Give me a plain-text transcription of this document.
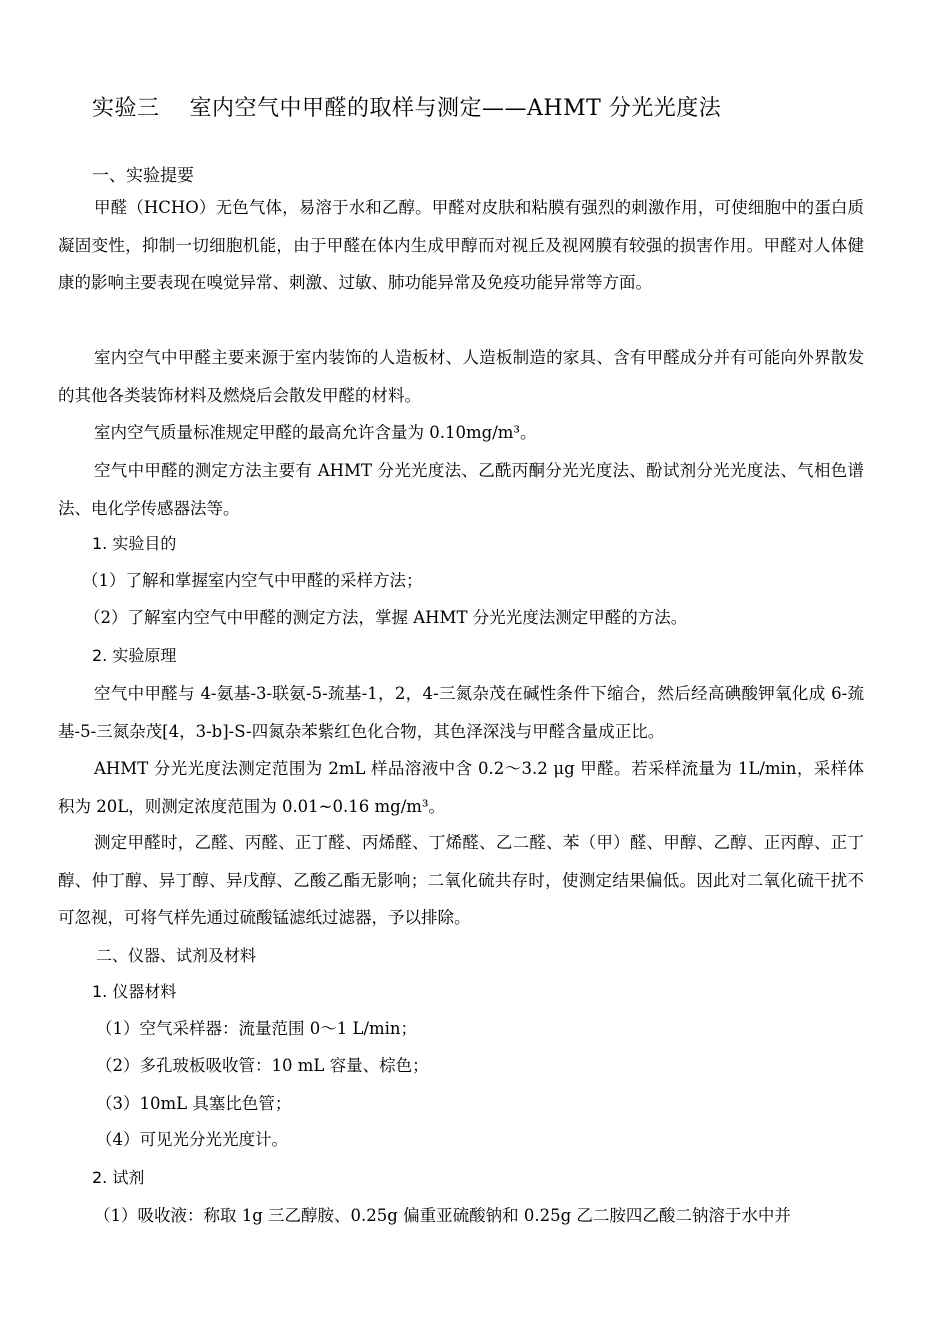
实验三 室内空气中甲醛的取样与测定——AHMT 分光光度法
一、实验提要
甲醛（HCHO）无色气体，易溶于水和乙醇。甲醛对皮肤和粘膜有强烈的刺激作用，可使细胞中的蛋白质凝固变性，抑制一切细胞机能，由于甲醛在体内生成甲醇而对视丘及视网膜有较强的损害作用。甲醛对人体健康的影响主要表现在嗅觉异常、刺激、过敏、肺功能异常及免疫功能异常等方面。
室内空气中甲醛主要来源于室内装饰的人造板材、人造板制造的家具、含有甲醛成分并有可能向外界散发的其他各类装饰材料及燃烧后会散发甲醛的材料。
室内空气质量标准规定甲醛的最高允许含量为 0.10mg/m³。
空气中甲醛的测定方法主要有 AHMT 分光光度法、乙酰丙酮分光光度法、酚试剂分光光度法、气相色谱法、电化学传感器法等。
1. 实验目的
（1）了解和掌握室内空气中甲醛的采样方法；
（2）了解室内空气中甲醛的测定方法，掌握 AHMT 分光光度法测定甲醛的方法。
2. 实验原理
空气中甲醛与 4-氨基-3-联氨-5-巯基-1，2，4-三氮杂茂在碱性条件下缩合，然后经高碘酸钾氧化成 6-巯基-5-三氮杂茂[4，3-b]-S-四氮杂苯紫红色化合物，其色泽深浅与甲醛含量成正比。
AHMT 分光光度法测定范围为 2mL 样品溶液中含 0.2～3.2 μg 甲醛。若采样流量为 1L/min，采样体积为 20L，则测定浓度范围为 0.01~0.16 mg/m³。
测定甲醛时，乙醛、丙醛、正丁醛、丙烯醛、丁烯醛、乙二醛、苯（甲）醛、甲醇、乙醇、正丙醇、正丁醇、仲丁醇、异丁醇、异戊醇、乙酸乙酯无影响；二氧化硫共存时，使测定结果偏低。因此对二氧化硫干扰不可忽视，可将气样先通过硫酸锰滤纸过滤器，予以排除。
二、仪器、试剂及材料
1. 仪器材料
（1）空气采样器：流量范围 0～1 L/min；
（2）多孔玻板吸收管：10 mL 容量、棕色；
（3）10mL 具塞比色管；
（4）可见光分光光度计。
2. 试剂
（1）吸收液：称取 1g 三乙醇胺、0.25g 偏重亚硫酸钠和 0.25g 乙二胺四乙酸二钠溶于水中并
